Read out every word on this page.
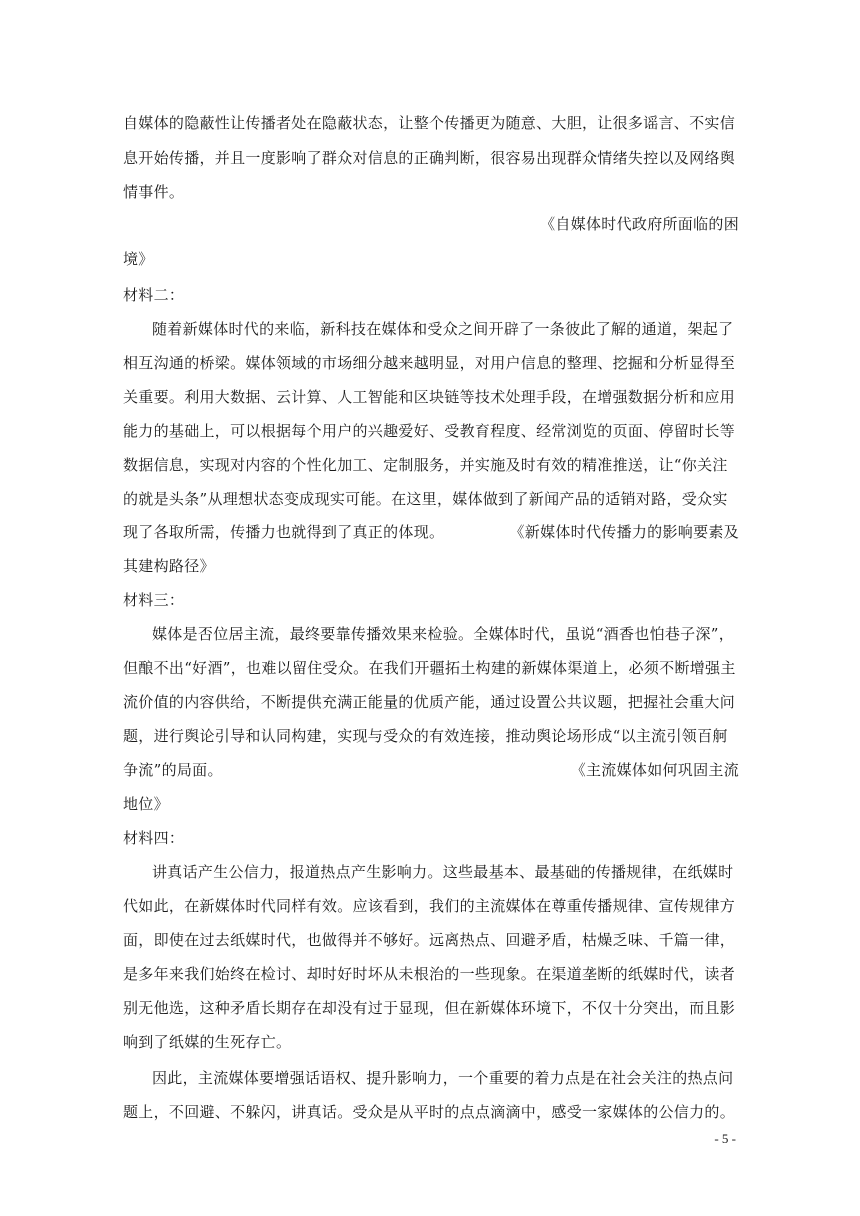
自媒体的隐蔽性让传播者处在隐蔽状态，让整个传播更为随意、大胆，让很多谣言、不实信
息开始传播，并且一度影响了群众对信息的正确判断，很容易出现群众情绪失控以及网络舆
情事件。
《自媒体时代政府所面临的困
境》
材料二：
随着新媒体时代的来临，新科技在媒体和受众之间开辟了一条彼此了解的通道，架起了
相互沟通的桥梁。媒体领域的市场细分越来越明显，对用户信息的整理、挖掘和分析显得至
关重要。利用大数据、云计算、人工智能和区块链等技术处理手段，在增强数据分析和应用
能力的基础上，可以根据每个用户的兴趣爱好、受教育程度、经常浏览的页面、停留时长等
数据信息，实现对内容的个性化加工、定制服务，并实施及时有效的精准推送，让“你关注
的就是头条”从理想状态变成现实可能。在这里，媒体做到了新闻产品的适销对路，受众实
现了各取所需，传播力也就得到了真正的体现。	《新媒体时代传播力的影响要素及
其建构路径》
材料三：
媒体是否位居主流，最终要靠传播效果来检验。全媒体时代，虽说“酒香也怕巷子深”，
但酿不出“好酒”，也难以留住受众。在我们开疆拓土构建的新媒体渠道上，必须不断增强主
流价值的内容供给，不断提供充满正能量的优质产能，通过设置公共议题，把握社会重大问
题，进行舆论引导和认同构建，实现与受众的有效连接，推动舆论场形成“以主流引领百舸
争流”的局面。	《主流媒体如何巩固主流
地位》
材料四：
讲真话产生公信力，报道热点产生影响力。这些最基本、最基础的传播规律，在纸媒时
代如此，在新媒体时代同样有效。应该看到，我们的主流媒体在尊重传播规律、宣传规律方
面，即使在过去纸媒时代，也做得并不够好。远离热点、回避矛盾，枯燥乏味、千篇一律，
是多年来我们始终在检讨、却时好时坏从未根治的一些现象。在渠道垄断的纸媒时代，读者
别无他选，这种矛盾长期存在却没有过于显现，但在新媒体环境下，不仅十分突出，而且影
响到了纸媒的生死存亡。
因此，主流媒体要增强话语权、提升影响力，一个重要的着力点是在社会关注的热点问
题上，不回避、不躲闪，讲真话。受众是从平时的点点滴滴中，感受一家媒体的公信力的。
- 5 -
